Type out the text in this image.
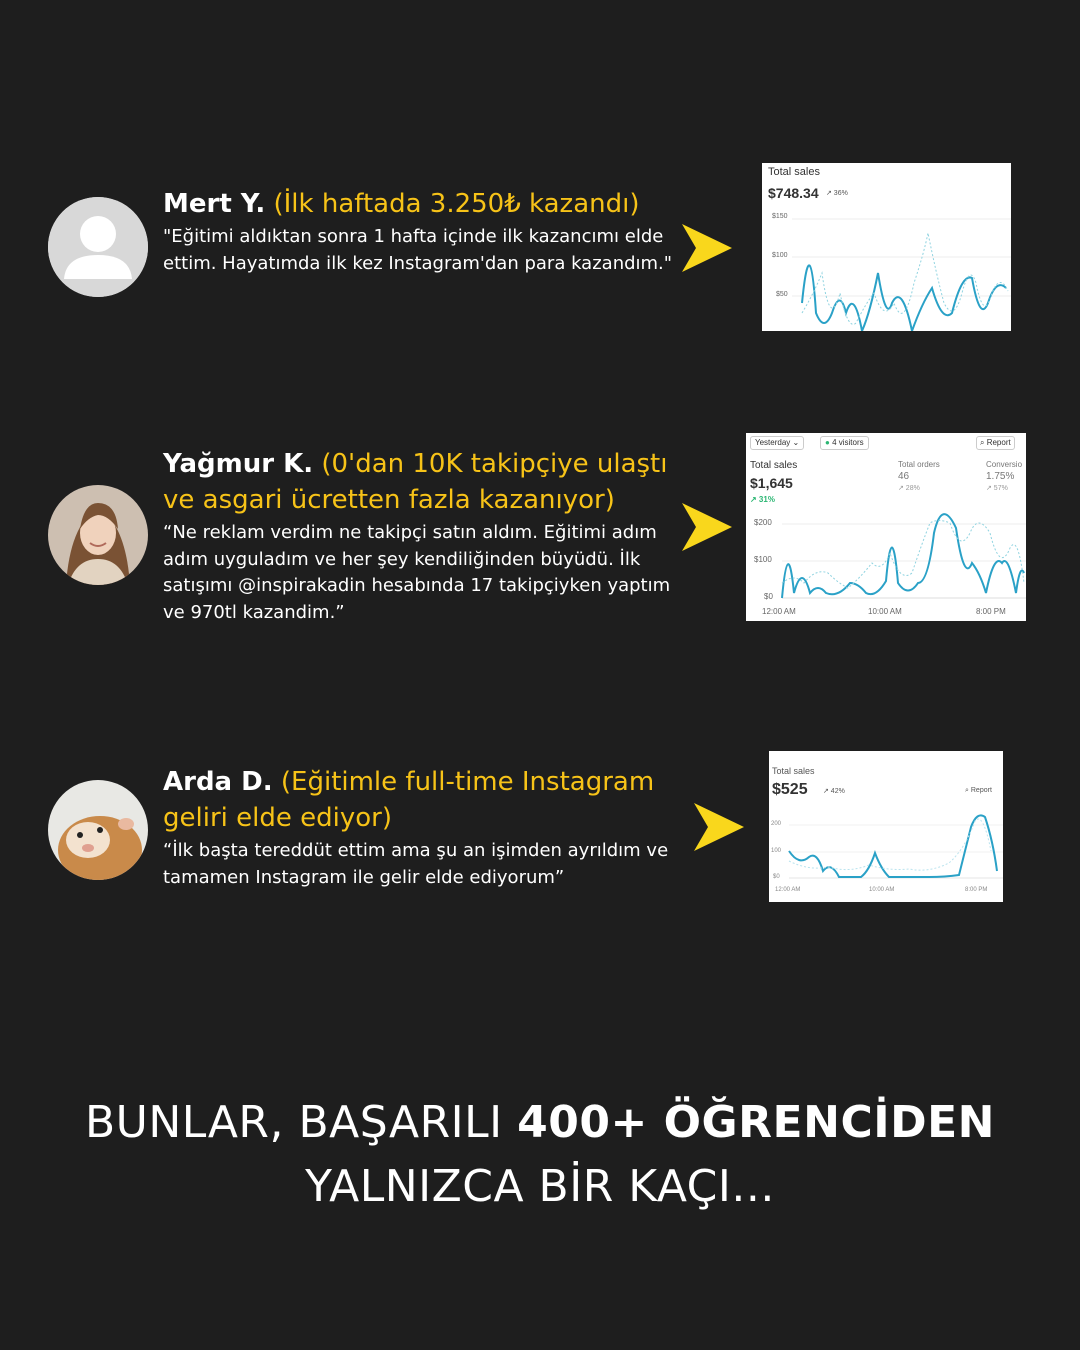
Mert Y. (İlk haftada 3.250₺ kazandı)

"Eğitimi aldıktan sonra 1 hafta içinde ilk kazancımı elde ettim. Hayatımda ilk kez Instagram'dan para kazandım."

Total sales
$748.34 ↗ 36%
$150
$100
$50

Yağmur K. (0'dan 10K takipçiye ulaştı ve asgari ücretten fazla kazanıyor)

“Ne reklam verdim ne takipçi satın aldım. Eğitimi adım adım uyguladım ve her şey kendiliğinden büyüdü. İlk satışımı @inspirakadin hesabında 17 takipçiyken yaptım ve 970tl kazandim.”

Yesterday ⌄	● 4 visitors	⌕ Report
Total sales
$1,645
↗ 31%
Total orders
46
↗ 28%
Conversio
1.75%
↗ 57%
$200
$100
$0
12:00 AM	10:00 AM	8:00 PM

Arda D. (Eğitimle full-time Instagram geliri elde ediyor)

“İlk başta tereddüt ettim ama şu an işimden ayrıldım ve tamamen Instagram ile gelir elde ediyorum”

Total sales
$525 ↗ 42%	⌕ Report
200
100
$0
12:00 AM	10:00 AM	8:00 PM
BUNLAR, BAŞARILI 400+ ÖĞRENCİDEN
YALNIZCA BİR KAÇI...
